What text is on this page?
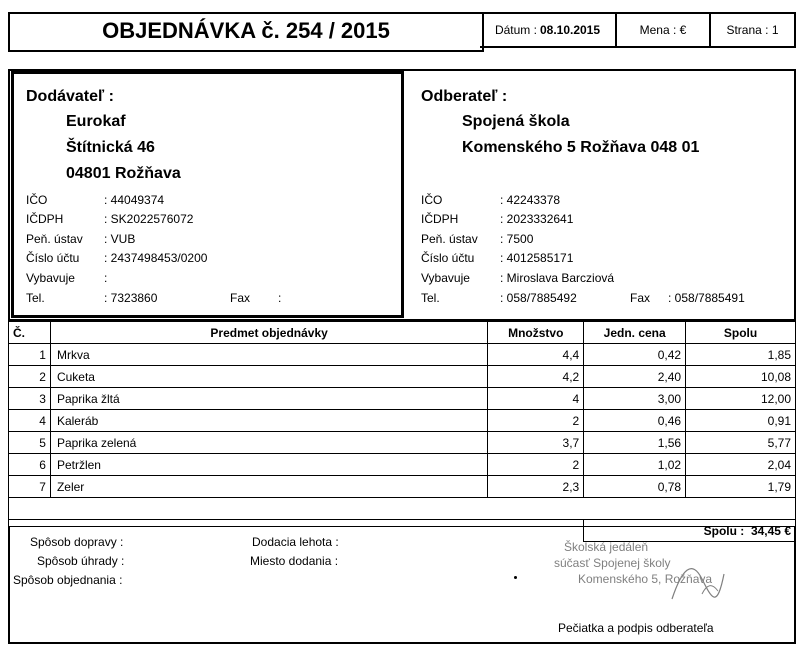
OBJEDNÁVKA č. 254 / 2015	Dátum : 08.10.2015	Mena :
€	Strana :
1
Dodávateľ :
Eurokaf
Štítnická 46
04801 Rožňava
IČO	: 44049374
IČDPH	: SK2022576072
Peň. ústav : VUB
Číslo účtu : 2437498453/0200
Vybavuje :
Tel.	: 7323860	Fax :
Odberateľ :
Spojená škola
Komenského 5 Rožňava 048 01
IČO	: 42243378
IČDPH	: 2023332641
Peň. ústav : 7500
Číslo účtu : 4012585171
Vybavuje	: Miroslava Barcziová
Tel.	: 058/7885492	Fax : 058/7885491
Č.	Predmet objednávky	Množstvo	Jedn. cena	Spolu
1	Mrkva	4,4	0,42	1,85
2	Cuketa	4,2	2,40	10,08
3	Paprika žltá	4	3,00	12,00
4	Kaleráb	2	0,46	0,91
5	Paprika zelená	3,7	1,56	5,77
6	Petržlen	2	1,02	2,04
7	Zeler	2,3	0,78	1,79

			Spolu : 34,45 €	
Spôsob dopravy :
Spôsob úhrady :
Spôsob objednania :
Dodacia lehota :
Miesto dodania :
Školská jedáleň
súčasť Spojenej školy
Komenského 5, Rožňava
Pečiatka a podpis odberateľa
